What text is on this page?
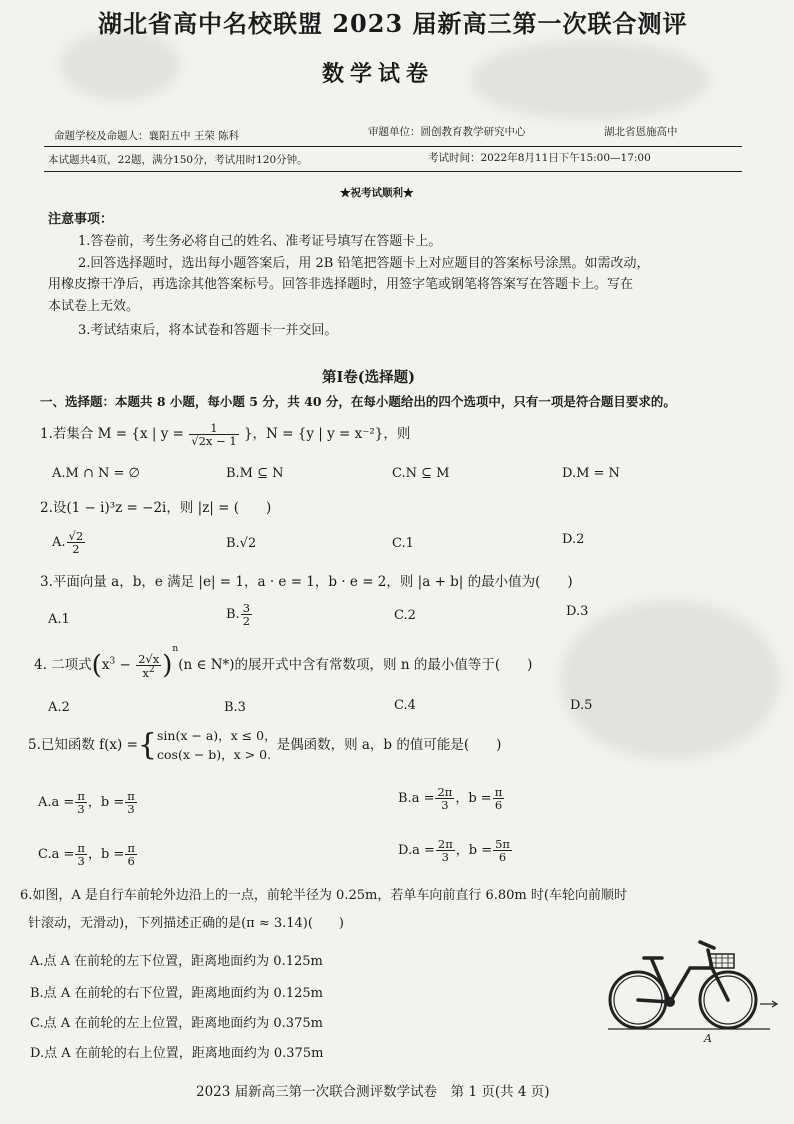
湖北省高中名校联盟 2023 届新高三第一次联合测评
数学试卷
命题学校及命题人：襄阳五中 王荣 陈科	审题单位：圆创教育教学研究中心	湖北省恩施高中
本试题共4页，22题，满分150分，考试用时120分钟。	考试时间：2022年8月11日下午15:00—17:00
★祝考试顺利★
注意事项：
1.答卷前，考生务必将自己的姓名、准考证号填写在答题卡上。
2.回答选择题时，选出每小题答案后，用 2B 铅笔把答题卡上对应题目的答案标号涂黑。如需改动，
用橡皮擦干净后，再选涂其他答案标号。回答非选择题时，用签字笔或钢笔将答案写在答题卡上。写在
本试卷上无效。
3.考试结束后，将本试卷和答题卡一并交回。
第Ⅰ卷(选择题)
一、选择题：本题共 8 小题，每小题 5 分，共 40 分，在每小题给出的四个选项中，只有一项是符合题目要求的。
1.若集合 M = {x | $y = \frac{1}{√2x - 1}$ }，N = {y | y = x⁻²}，则
A.M ∩ N = ∅	B.M ⊆ N	C.N ⊆ M	D.M = N
2.设(1 − i)³z = −2i，则 |z| = (　　)
A. $\frac{√2}{2}$	B.√2	C.1	D.2
3.平面向量 a，b，e 满足 |e| = 1，a · e = 1，b · e = 2，则 |a + b| 的最小值为(　　)
A.1	B. $\frac{3}{2}$	C.2	D.3
4. 二项式$(x^3 - \frac{2√x}{x^2} )^n(n$ ∈ N*)的展开式中含有常数项，则 n 的最小值等于(　　)
A.2	B.3	C.4	D.5
5.已知函数 f(x) ={ sin(x − a)，x ≤ 0，
cos(x − b)，x > 0.
是偶函数，则 a，b 的值可能是(　　)
$A.a = \frac{\pi}{3}$ ，$b = \frac{\pi}{3}$	$B.a = \frac{2\pi}{3}$ ，$b = \frac{\pi}{6}$
$C.a = \frac{\pi}{3}$ ，$b = \frac{\pi}{6}$	$D.a = \frac{2\pi}{3}$ ，$b = \frac{5\pi}{6}$
6.如图，A 是自行车前轮外边沿上的一点，前轮半径为 0.25m，若单车向前直行 6.80m 时(车轮向前顺时
针滚动，无滑动)，下列描述正确的是(π ≈ 3.14)(　　)
A.点 A 在前轮的左下位置，距离地面约为 0.125m
B.点 A 在前轮的右下位置，距离地面约为 0.125m
C.点 A 在前轮的左上位置，距离地面约为 0.375m
D.点 A 在前轮的右上位置，距离地面约为 0.375m
A
2023 届新高三第一次联合测评数学试卷　第 1 页(共 4 页)
